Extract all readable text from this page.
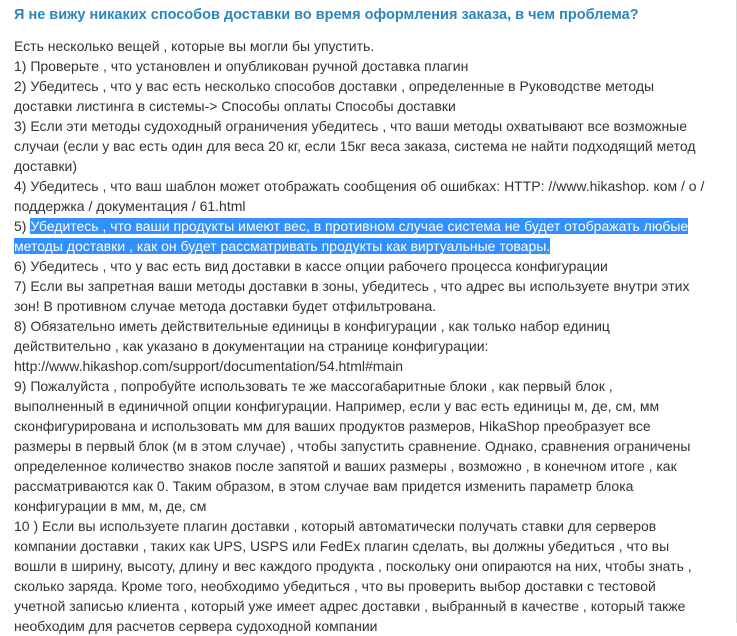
Я не вижу никаких способов доставки во время оформления заказа, в чем проблема?

Есть несколько вещей , которые вы могли бы упустить.

1) Проверьте , что установлен и опубликован ручной доставка плагин

2) Убедитесь , что у вас есть несколько способов доставки , определенные в Руководстве методы

доставки листинга в системы-> Способы оплаты Способы доставки

3) Если эти методы судоходный ограничения убедитесь , что ваши методы охватывают все возможные

случаи (если у вас есть один для веса 20 кг, если 15кг веса заказа, система не найти подходящий метод

доставки)

4) Убедитесь , что ваш шаблон может отображать сообщения об ошибках: HTTP: //www.hikashop. ком / о /

поддержка / документация / 61.html

5) Убедитесь , что ваши продукты имеют вес, в противном случае система не будет отображать любые

методы доставки , как он будет рассматривать продукты как виртуальные товары.

6) Убедитесь , что у вас есть вид доставки в кассе опции рабочего процесса конфигурации

7) Если вы запретная ваши методы доставки в зоны, убедитесь , что адрес вы используете внутри этих

зон! В противном случае метода доставки будет отфильтрована.

8) Обязательно иметь действительные единицы в конфигурации , как только набор единиц

действительно , как указано в документации на странице конфигурации:

http://www.hikashop.com/support/documentation/54.html#main

9) Пожалуйста , попробуйте использовать те же массогабаритные блоки , как первый блок ,

выполненный в единичной опции конфигурации. Например, если у вас есть единицы м, де, см, мм

сконфигурирована и использовать мм для ваших продуктов размеров, HikaShop преобразует все

размеры в первый блок (м в этом случае) , чтобы запустить сравнение. Однако, сравнения ограничены

определенное количество знаков после запятой и ваших размеры , возможно , в конечном итоге , как

рассматриваются как 0. Таким образом, в этом случае вам придется изменить параметр блока

конфигурации в мм, м, де, см

10 ) Если вы используете плагин доставки , который автоматически получать ставки для серверов

компании доставки , таких как UPS, USPS или FedEx плагин сделать, вы должны убедиться , что вы

вошли в ширину, высоту, длину и вес каждого продукта , поскольку они опираются на них, чтобы знать ,

сколько заряда. Кроме того, необходимо убедиться , что вы проверить выбор доставки с тестовой

учетной записью клиента , который уже имеет адрес доставки , выбранный в качестве , который также

необходим для расчетов сервера судоходной компании
